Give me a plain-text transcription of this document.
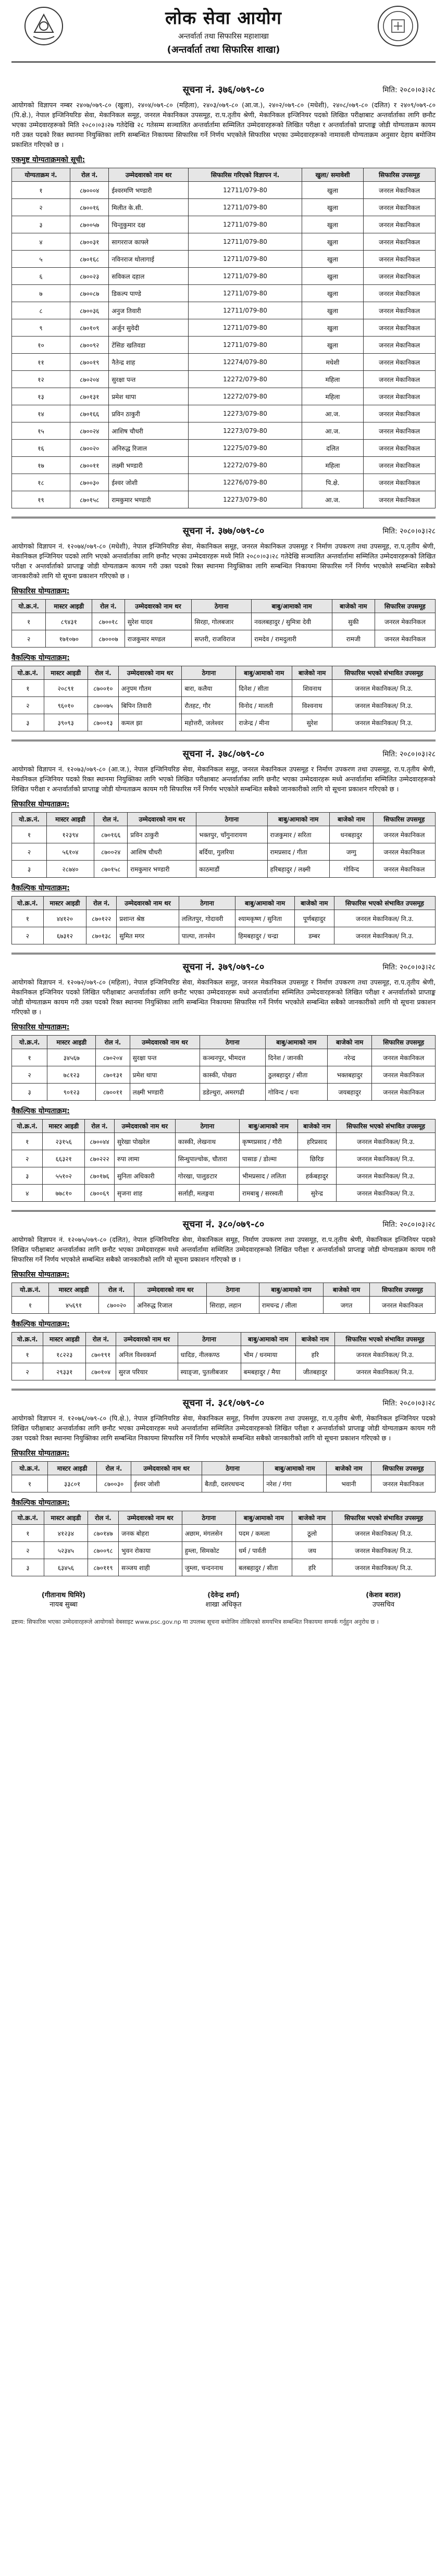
लोक सेवा आयोग
अन्तर्वार्ता तथा सिफारिस महाशाखा
(अन्तर्वार्ता तथा सिफारिस शाखा)
सूचना नं. ३७६/०७९-८०	मिति: २०८०।०३।२८
आयोगको विज्ञापन नम्बर २४०७/०७९-८० (खुला), २४०४/०७९-८० (महिला), २४०३/०७९-८० (आ.ज.), २४०२/०७९-८० (मधेशी), २४०८/०७९-८० (दलित) र २४०९/०७९-८० (पि.क्षे.), नेपाल इन्जिनियरिङ सेवा, मेकानिकल समूह, जनरल मेकानिकल उपसमूह, रा.प.तृतीय श्रेणी, मेकानिकल इन्जिनियर पदको लिखित परीक्षाबाट अन्तर्वार्ताका लागि छनौट भएका उम्मेदवारहरूको मिति २०८०।०३।२७ गतेदेखि २८ गतेसम्म सञ्चालित अन्तर्वार्तामा सम्मिलित उम्मेदवारहरूको लिखित परीक्षा र अन्तर्वार्ताको प्राप्ताङ्क जोडी योग्यताक्रम कायम गरी उक्त पदको रिक्त स्थानमा नियुक्तिका लागि सम्बन्धित निकायमा सिफारिस गर्ने निर्णय भएकोले सिफारिस भएका उम्मेदवारहरूको नामावली योग्यताक्रम अनुसार देहाय बमोजिम प्रकाशित गरिएको छ ।
एकमुष्ट योग्यताक्रमको सूची:
योग्यताक्रम नं.	रोल नं.	उम्मेदवारको नाम थर	सिफारिस गरिएको विज्ञापन नं.	खुला/ समावेशी	सिफारिस उपसमूह
१	८७०००४	ईश्वरमणि भण्डारी	12711/079-80	खुला	जनरल मेकानिकल
२	८७००१६	मिलीत के.सी.	12711/079-80	खुला	जनरल मेकानिकल
३	८७००५७	चिन्तुकुमार दक्ष	12711/079-80	खुला	जनरल मेकानिकल
४	८७००३१	सागरराज काफ्ले	12711/079-80	खुला	जनरल मेकानिकल
५	८७०१६८	नविनराज थोलागाई	12711/079-80	खुला	जनरल मेकानिकल
६	८७००२३	सविकल दहाल	12711/079-80	खुला	जनरल मेकानिकल
७	८७००८७	डिकल्प पाण्डे	12711/079-80	खुला	जनरल मेकानिकल
८	८७००३६	अनुज तिवारी	12711/079-80	खुला	जनरल मेकानिकल
९	८७०१०९	अर्जुन सुवेदी	12711/079-80	खुला	जनरल मेकानिकल
१०	८७००९२	टेंसिङ खतिवडा	12711/079-80	खुला	जनरल मेकानिकल
११	८७००१९	नैतेन्द्र शाह	12274/079-80	मधेशी	जनरल मेकानिकल
१२	८७०२०४	सुरक्षा पन्त	12272/079-80	महिला	जनरल मेकानिकल
१३	८७०१३१	प्रमेश थापा	12272/079-80	महिला	जनरल मेकानिकल
१४	८७०१६६	प्रविन ठाकुरी	12273/079-80	आ.ज.	जनरल मेकानिकल
१५	८७००२४	आशिष चौधरी	12273/079-80	आ.ज.	जनरल मेकानिकल
१६	८७००२०	अनिरुद्ध रिजाल	12275/079-80	दलित	जनरल मेकानिकल
१७	८७००११	लक्ष्मी भण्डारी	12272/079-80	महिला	जनरल मेकानिकल
१८	८७००३०	ईश्वर जोशी	12276/079-80	पि.क्षे.	जनरल मेकानिकल
१९	८७०१५८	रामकुमार भण्डारी	12273/079-80	आ.ज.	जनरल मेकानिकल
सूचना नं. ३७७/०७९-८०	मिति: २०८०।०३।२८
आयोगको विज्ञापन नं. १२०७४/०७९-८० (मधेशी), नेपाल इन्जिनियरिङ सेवा, मेकानिकल समूह, जनरल मेकानिकल उपसमूह र निर्माण उपकरण तथा उपसमूह, रा.प.तृतीय श्रेणी, मेकानिकल इन्जिनियर पदको लागि भएको अन्तर्वार्ताका लागि छनौट भएका उम्मेदवारहरू मध्ये मिति २०८०।०३।२८ गतेदेखि सञ्चालित अन्तर्वार्तामा सम्मिलित उम्मेदवारहरूको लिखित परीक्षा र अन्तर्वार्ताको प्राप्ताङ्क जोडी योग्यताक्रम कायम गरी उक्त पदको रिक्त स्थानमा नियुक्तिका लागि सम्बन्धित निकायमा सिफारिस गर्ने निर्णय भएकोले सम्बन्धित सबैको जानकारीको लागि यो सूचना प्रकाशन गरिएको छ ।
सिफारिस योग्यताक्रम:
यो.क्र.नं.	मास्टर आइडी	रोल नं.	उम्मेदवारको नाम थर	ठेगाना	बाबु/आमाको नाम	बाजेको नाम	सिफारिस उपसमूह
१	८९४३१	८७००१८	सुरेश यादव	सिरहा, गोलबजार	नवलबहादुर / सुमित्रा देवी	सुकी	जनरल मेकानिकल
२	१७१०७०	८७०००७	राजकुमार मण्डल	सप्तरी, राजविराज	रामदेव / रामदुलारी	रामजी	जनरल मेकानिकल
वैकल्पिक योग्यताक्रम:
यो.क्र.नं.	मास्टर आइडी	रोल नं.	उम्मेदवारको नाम थर	ठेगाना	बाबु/आमाको नाम	बाजेको नाम	सिफारिस भएको संभावित उपसमूह
१	२०८९१	८७००१०	अनुपम गौतम	बारा, कलैया	दिनेश / सीता	शिवनाथ	जनरल मेकानिकल/ नि.उ.
२	९६०१०	८७००७५	बिपिन तिवारी	रौतहट, गौर	विनोद / मालती	विश्वनाथ	जनरल मेकानिकल/ नि.उ.
३	३९०९३	८७००१३	कमल झा	महोत्तरी, जलेश्वर	राजेन्द्र / मीना	सुरेश	जनरल मेकानिकल/ नि.उ.
सूचना नं. ३७८/०७९-८०	मिति: २०८०।०३।२८
आयोगको विज्ञापन नं. १२०७३/०७९-८० (आ.ज.), नेपाल इन्जिनियरिङ सेवा, मेकानिकल समूह, जनरल मेकानिकल उपसमूह र निर्माण उपकरण तथा उपसमूह, रा.प.तृतीय श्रेणी, मेकानिकल इन्जिनियर पदको रिक्त स्थानमा नियुक्तिका लागि भएको लिखित परीक्षाबाट अन्तर्वार्ताका लागि छनौट भएका उम्मेदवारहरू मध्ये अन्तर्वार्तामा सम्मिलित उम्मेदवारहरूको लिखित परीक्षा र अन्तर्वार्ताको प्राप्ताङ्क जोडी योग्यताक्रम कायम गरी सिफारिस गर्ने निर्णय भएकोले सम्बन्धित सबैको जानकारीको लागि यो सूचना प्रकाशन गरिएको छ ।
सिफारिस योग्यताक्रम:
यो.क्र.नं.	मास्टर आइडी	रोल नं.	उम्मेदवारको नाम थर	ठेगाना	बाबु/आमाको नाम	बाजेको नाम	सिफारिस उपसमूह
१	१२३९४	८७०१६६	प्रविन ठाकुरी	भक्तपुर, चाँगुनारायण	राजकुमार / सरिता	धनबहादुर	जनरल मेकानिकल
२	५६१०४	८७००२४	आशिष चौधरी	बर्दिया, गुलरिया	रामप्रसाद / गीता	जग्गु	जनरल मेकानिकल
३	२८७४०	८७०१५८	रामकुमार भण्डारी	काठमाडौं	हरिबहादुर / लक्ष्मी	गोविन्द	जनरल मेकानिकल
वैकल्पिक योग्यताक्रम:
यो.क्र.नं.	मास्टर आइडी	रोल नं.	उम्मेदवारको नाम थर	ठेगाना	बाबु/आमाको नाम	बाजेको नाम	सिफारिस भएको संभावित उपसमूह
१	४४१२०	८७०१२२	प्रशान्त श्रेष्ठ	ललितपुर, गोदावरी	श्यामकृष्ण / सुनिता	पूर्णबहादुर	जनरल मेकानिकल/ नि.उ.
२	६७३१२	८७०१३८	सुमित मगर	पाल्पा, तानसेन	हिमबहादुर / चन्द्रा	डम्बर	जनरल मेकानिकल/ नि.उ.
सूचना नं. ३७९/०७९-८०	मिति: २०८०।०३।२८
आयोगको विज्ञापन नं. १२०७२/०७९-८० (महिला), नेपाल इन्जिनियरिङ सेवा, मेकानिकल समूह, जनरल मेकानिकल उपसमूह र निर्माण उपकरण तथा उपसमूह, रा.प.तृतीय श्रेणी, मेकानिकल इन्जिनियर पदको लिखित परीक्षाबाट अन्तर्वार्ताका लागि छनौट भएका उम्मेदवारहरू मध्ये अन्तर्वार्तामा सम्मिलित उम्मेदवारहरूको लिखित परीक्षा र अन्तर्वार्ताको प्राप्ताङ्क जोडी योग्यताक्रम कायम गरी उक्त पदको रिक्त स्थानमा नियुक्तिका लागि सम्बन्धित निकायमा सिफारिस गर्ने निर्णय भएकोले सम्बन्धित सबैको जानकारीको लागि यो सूचना प्रकाशन गरिएको छ ।
सिफारिस योग्यताक्रम:
यो.क्र.नं.	मास्टर आइडी	रोल नं.	उम्मेदवारको नाम थर	ठेगाना	बाबु/आमाको नाम	बाजेको नाम	सिफारिस उपसमूह
१	३४५६७	८७०२०४	सुरक्षा पन्त	कञ्चनपुर, भीमदत्त	दिनेश / जानकी	नरेन्द्र	जनरल मेकानिकल
२	७८१२३	८७०१३१	प्रमेश थापा	कास्की, पोखरा	ठुलबहादुर / सीता	भक्तबहादुर	जनरल मेकानिकल
३	९०१२३	८७००११	लक्ष्मी भण्डारी	डडेल्धुरा, अमरगढी	गोविन्द / धना	जयबहादुर	जनरल मेकानिकल
वैकल्पिक योग्यताक्रम:
यो.क्र.नं.	मास्टर आइडी	रोल नं.	उम्मेदवारको नाम थर	ठेगाना	बाबु/आमाको नाम	बाजेको नाम	सिफारिस भएको संभावित उपसमूह
१	२३१५६	८७००४४	सुरेखा पोखरेल	कास्की, लेखनाथ	कृष्णप्रसाद / गौरी	हरिप्रसाद	जनरल मेकानिकल/ नि.उ.
२	६६३२१	८७०२२२	रुपा लामा	सिन्धुपाल्चोक, चौतारा	पासाङ / डोल्मा	छिरिङ	जनरल मेकानिकल/ नि.उ.
३	५५१०२	८७०१७६	सुनिता अधिकारी	गोरखा, पालुङटार	भीमप्रसाद / ललिता	हर्कबहादुर	जनरल मेकानिकल/ नि.उ.
४	७७८१०	८७००६९	सृजना शाह	सर्लाही, मलङ्गवा	रामबाबु / सरस्वती	सुरेन्द्र	जनरल मेकानिकल/ नि.उ.
सूचना नं. ३८०/०७९-८०	मिति: २०८०।०३।२८
आयोगको विज्ञापन नं. १२०७५/०७९-८० (दलित), नेपाल इन्जिनियरिङ सेवा, मेकानिकल समूह, निर्माण उपकरण तथा उपसमूह, रा.प.तृतीय श्रेणी, मेकानिकल इन्जिनियर पदको लिखित परीक्षाबाट अन्तर्वार्ताका लागि छनौट भएका उम्मेदवारहरू मध्ये अन्तर्वार्तामा सम्मिलित उम्मेदवारहरूको लिखित परीक्षा र अन्तर्वार्ताको प्राप्ताङ्क जोडी योग्यताक्रम कायम गरी सिफारिस गर्ने निर्णय भएकोले सम्बन्धित सबैको जानकारीको लागि यो सूचना प्रकाशन गरिएको छ ।
सिफारिस योग्यताक्रम:
यो.क्र.नं.	मास्टर आइडी	रोल नं.	उम्मेदवारको नाम थर	ठेगाना	बाबु/आमाको नाम	बाजेको नाम	सिफारिस उपसमूह
१	४५६९१	८७००२०	अनिरुद्ध रिजाल	सिराहा, लहान	रामचन्द्र / लीला	जगत	जनरल मेकानिकल
वैकल्पिक योग्यताक्रम:
यो.क्र.नं.	मास्टर आइडी	रोल नं.	उम्मेदवारको नाम थर	ठेगाना	बाबु/आमाको नाम	बाजेको नाम	सिफारिस भएको संभावित उपसमूह
१	१८२२३	८७०१९१	अनिल विश्वकर्मा	धादिङ, नीलकण्ठ	भीम / धनमाया	हरि	जनरल मेकानिकल/ नि.उ.
२	२९३३१	८७०१०४	सुरज परियार	स्याङ्जा, पुतलीबजार	बमबहादुर / मैया	जीतबहादुर	जनरल मेकानिकल/ नि.उ.
सूचना नं. ३८१/०७९-८०	मिति: २०८०।०३।२८
आयोगको विज्ञापन नं. १२०७६/०७९-८० (पि.क्षे.), नेपाल इन्जिनियरिङ सेवा, मेकानिकल समूह, निर्माण उपकरण तथा उपसमूह, रा.प.तृतीय श्रेणी, मेकानिकल इन्जिनियर पदको लिखित परीक्षाबाट अन्तर्वार्ताका लागि छनौट भएका उम्मेदवारहरू मध्ये अन्तर्वार्तामा सम्मिलित उम्मेदवारहरूको लिखित परीक्षा र अन्तर्वार्ताको प्राप्ताङ्क जोडी योग्यताक्रम कायम गरी उक्त पदको रिक्त स्थानमा नियुक्तिका लागि सम्बन्धित निकायमा सिफारिस गर्ने निर्णय भएकोले सम्बन्धित सबैको जानकारीको लागि यो सूचना प्रकाशन गरिएको छ ।
सिफारिस योग्यताक्रम:
यो.क्र.नं.	मास्टर आइडी	रोल नं.	उम्मेदवारको नाम थर	ठेगाना	बाबु/आमाको नाम	बाजेको नाम	सिफारिस उपसमूह
१	३३८०१	८७००३०	ईश्वर जोशी	बैतडी, दशरथचन्द	नरेश / गंगा	भवानी	जनरल मेकानिकल
वैकल्पिक योग्यताक्रम:
यो.क्र.नं.	मास्टर आइडी	रोल नं.	उम्मेदवारको नाम थर	ठेगाना	बाबु/आमाको नाम	बाजेको नाम	सिफारिस भएको संभावित उपसमूह
१	४१२३४	८७०१४७	जनक बोहरा	अछाम, मंगलसेन	पदम / कमला	ठूलो	जनरल मेकानिकल/ नि.उ.
२	५२३४५	८७००९८	भुवन रोकाया	हुम्ला, सिमकोट	धर्म / पार्वती	जय	जनरल मेकानिकल/ नि.उ.
३	६३४५६	८७०११९	सञ्जय शाही	जुम्ला, चन्दननाथ	बलबहादुर / सीता	हरि	जनरल मेकानिकल/ नि.उ.
(गीतानाथ घिमिरे)
नायब सुब्बा
(देवेन्द्र शर्मा)
शाखा अधिकृत
(केशव बराल)
उपसचिव
द्रष्टव्य: सिफारिस भएका उम्मेदवारहरूले आयोगको वेबसाइट www.psc.gov.np मा उपलब्ध सूचना बमोजिम तोकिएको समयभित्र सम्बन्धित निकायमा सम्पर्क गर्नुहुन अनुरोध छ ।
